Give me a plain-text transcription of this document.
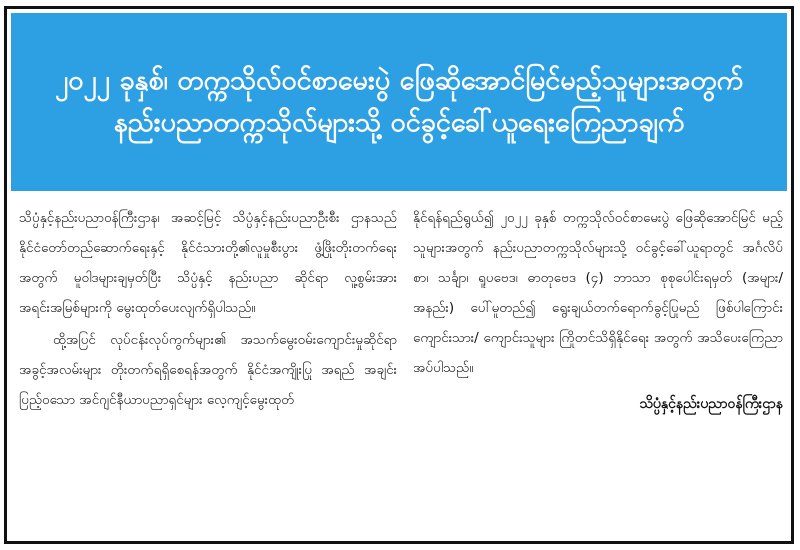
၂၀၂၂ ခုနှစ်၊ တက္ကသိုလ်ဝင်စာမေးပွဲ ဖြေဆိုအောင်မြင်မည့်သူများအတွက်
နည်းပညာတက္ကသိုလ်များသို့ ဝင်ခွင့်ခေါ်ယူရေးကြေညာချက်

သိပ္ပံနှင့်နည်းပညာဝန်ကြီးဌာန၊ အဆင့်မြင့် သိပ္ပံနှင့်နည်းပညာဦးစီး ဌာနသည်နိုင်ငံတော်တည်ဆောက်ရေးနှင့် နိုင်ငံသားတို့၏လူမှုစီးပွား ဖွံ့ဖြိုးတိုးတက်ရေးအတွက် မူဝါဒများချမှတ်ပြီး သိပ္ပံနှင့် နည်းပညာ ဆိုင်ရာ လူ့စွမ်းအားအရင်းအမြစ်များကို မွေးထုတ်ပေးလျက်ရှိပါသည်။

ထို့အပြင် လုပ်ငန်းလုပ်ကွက်များ၏ အသက်မွေးဝမ်းကျောင်းမှုဆိုင်ရာ အခွင့်အလမ်းများ တိုးတက်ရရှိစေရန်အတွက် နိုင်ငံအကျိုးပြု အရည် အချင်းပြည့်ဝသော အင်ဂျင်နီယာပညာရှင်များ လေ့ကျင့်မွေးထုတ်

နိုင်ရန်ရည်ရွယ်၍ ၂၀၂၂ ခုနှစ် တက္ကသိုလ်ဝင်စာမေးပွဲ ဖြေဆိုအောင်မြင် မည့်သူများအတွက် နည်းပညာတက္ကသိုလ်များသို့ ဝင်ခွင့်ခေါ်ယူရာတွင် အင်္ဂလိပ်စာ၊ သင်္ချာ၊ ရူပဗေဒ၊ ဓာတုဗေဒ (၄) ဘာသာ စုစုပေါင်းရမှတ် (အများ/ အနည်း) ပေါ်မူတည်၍ ရွေးချယ်တက်ရောက်ခွင့်ပြုမည် ဖြစ်ပါကြောင်း ကျောင်းသား/ ကျောင်းသူများ ကြိုတင်သိရှိနိုင်ရေး အတွက် အသိပေးကြေညာအပ်ပါသည်။

သိပ္ပံနှင့်နည်းပညာဝန်ကြီးဌာန
